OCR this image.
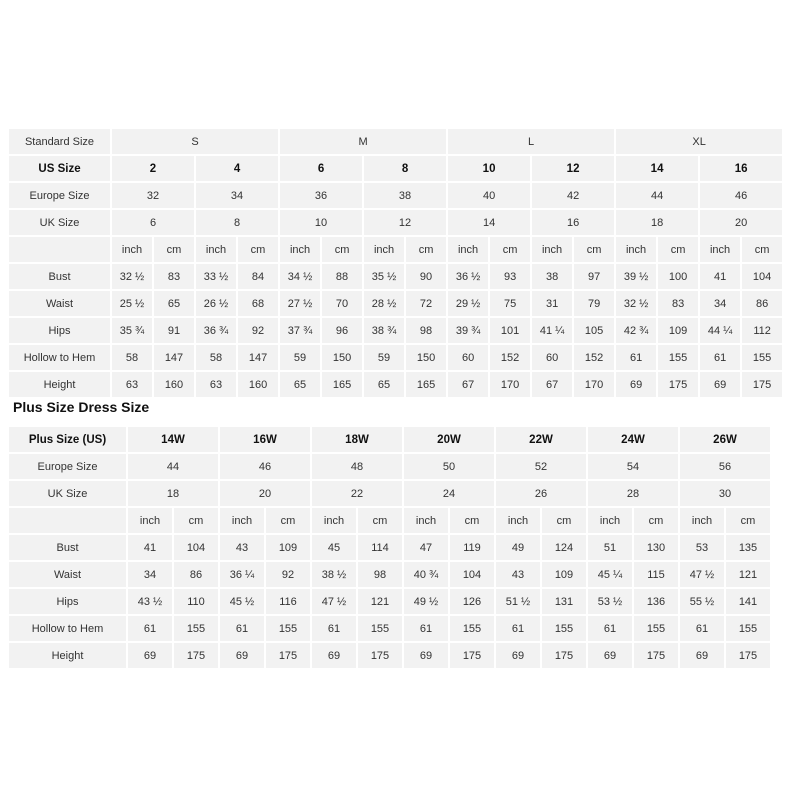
Standard Size	S				M				L				XL			
US Size	2		4		6		8		10		12		14		16	
Europe Size	32		34		36		38		40		42		44		46	
UK Size	6		8		10		12		14		16		18		20	
	inch	cm	inch	cm	inch	cm	inch	cm	inch	cm	inch	cm	inch	cm	inch	cm
Bust	32 ½	83	33 ½	84	34 ½	88	35 ½	90	36 ½	93	38	97	39 ½	100	41	104
Waist	25 ½	65	26 ½	68	27 ½	70	28 ½	72	29 ½	75	31	79	32 ½	83	34	86
Hips	35 ¾	91	36 ¾	92	37 ¾	96	38 ¾	98	39 ¾	101	41 ¼	105	42 ¾	109	44 ¼	112
Hollow to Hem	58	147	58	147	59	150	59	150	60	152	60	152	61	155	61	155
Height	63	160	63	160	65	165	65	165	67	170	67	170	69	175	69	175
Plus Size Dress Size
Plus Size (US)	14W		16W		18W		20W		22W		24W		26W	
Europe Size	44		46		48		50		52		54		56	
UK Size	18		20		22		24		26		28		30	
	inch	cm	inch	cm	inch	cm	inch	cm	inch	cm	inch	cm	inch	cm
Bust	41	104	43	109	45	114	47	119	49	124	51	130	53	135
Waist	34	86	36 ¼	92	38 ½	98	40 ¾	104	43	109	45 ¼	115	47 ½	121
Hips	43 ½	110	45 ½	116	47 ½	121	49 ½	126	51 ½	131	53 ½	136	55 ½	141
Hollow to Hem	61	155	61	155	61	155	61	155	61	155	61	155	61	155
Height	69	175	69	175	69	175	69	175	69	175	69	175	69	175
